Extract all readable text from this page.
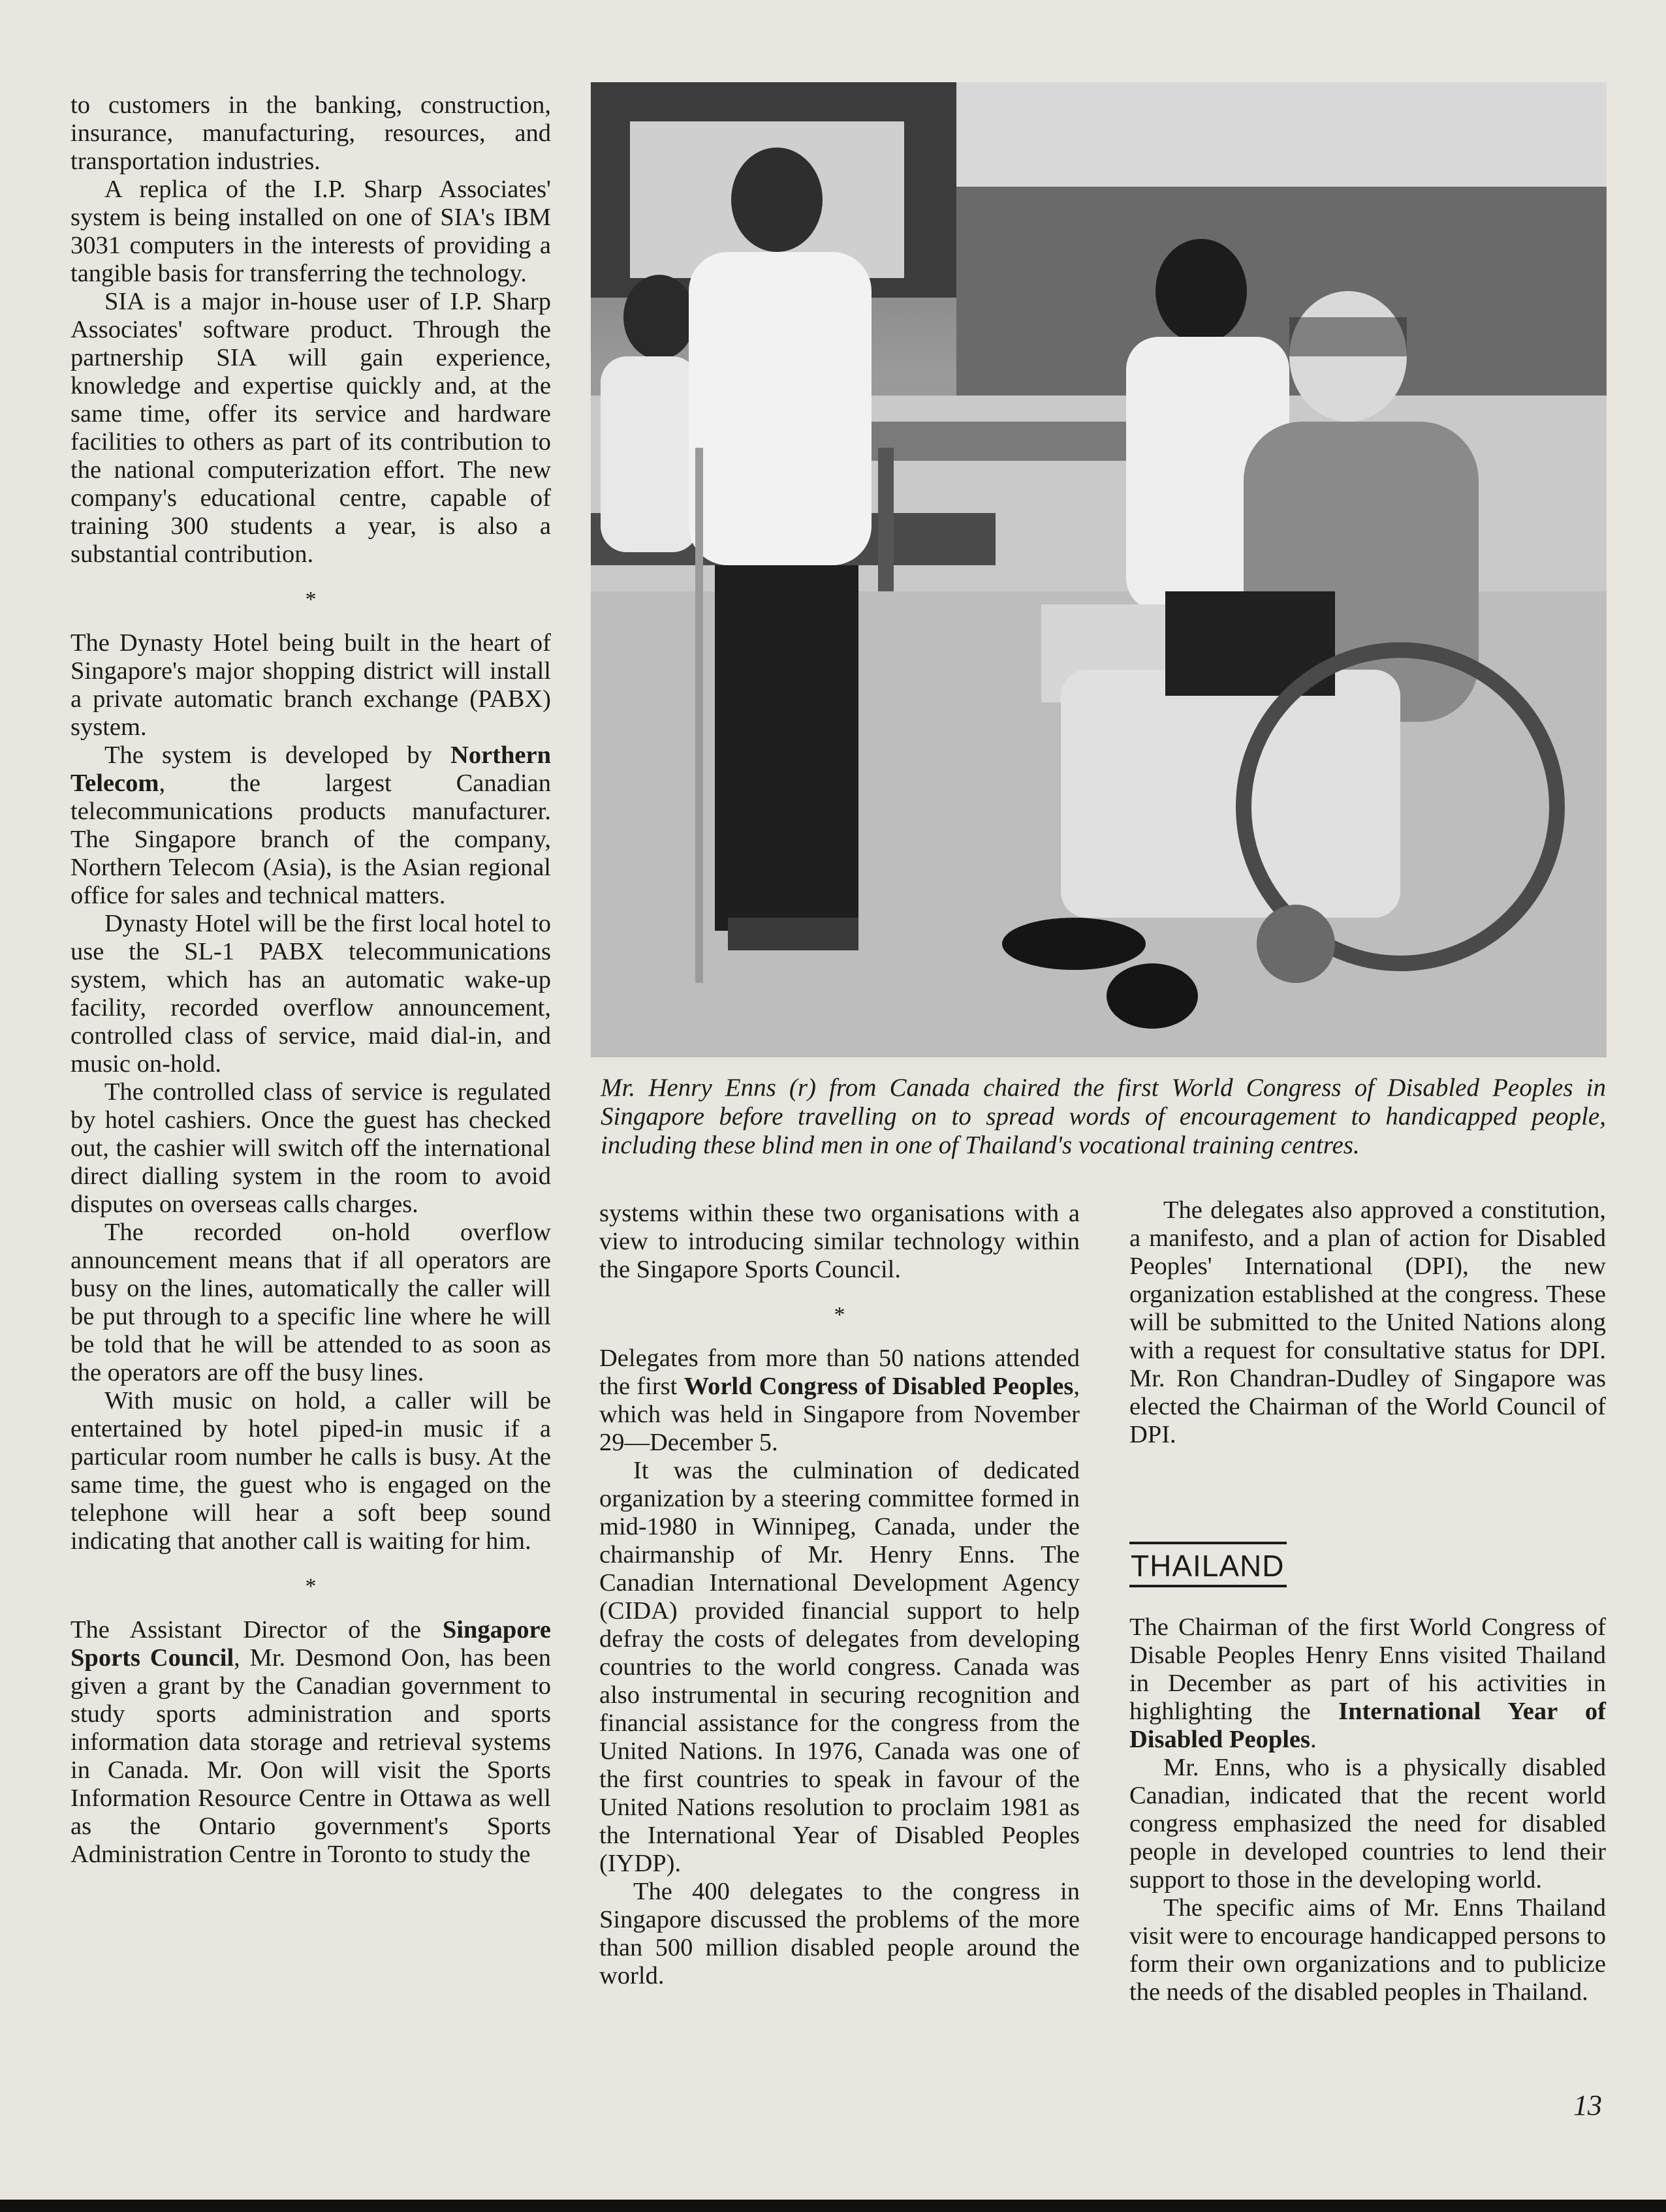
to customers in the banking, construction, insurance, manufacturing, resources, and transportation industries.

A replica of the I.P. Sharp Associates' system is being installed on one of SIA's IBM 3031 computers in the interests of providing a tangible basis for transferring the technology.

SIA is a major in-house user of I.P. Sharp Associates' software product. Through the partnership SIA will gain experience, knowledge and expertise quickly and, at the same time, offer its service and hardware facilities to others as part of its contribution to the national computerization effort. The new company's educational centre, capable of training 300 students a year, is also a substantial contribution.

*

The Dynasty Hotel being built in the heart of Singapore's major shopping district will install a private automatic branch exchange (PABX) system.

The system is developed by Northern Telecom, the largest Canadian telecommunications products manufacturer. The Singapore branch of the company, Northern Telecom (Asia), is the Asian regional office for sales and technical matters.

Dynasty Hotel will be the first local hotel to use the SL-1 PABX telecommunications system, which has an automatic wake-up facility, recorded overflow announcement, controlled class of service, maid dial-in, and music on-hold.

The controlled class of service is regulated by hotel cashiers. Once the guest has checked out, the cashier will switch off the international direct dialling system in the room to avoid disputes on overseas calls charges.

The recorded on-hold overflow announcement means that if all operators are busy on the lines, automatically the caller will be put through to a specific line where he will be told that he will be attended to as soon as the operators are off the busy lines.

With music on hold, a caller will be entertained by hotel piped-in music if a particular room number he calls is busy. At the same time, the guest who is engaged on the telephone will hear a soft beep sound indicating that another call is waiting for him.

*

The Assistant Director of the Singapore Sports Council, Mr. Desmond Oon, has been given a grant by the Canadian government to study sports administration and sports information data storage and retrieval systems in Canada. Mr. Oon will visit the Sports Information Resource Centre in Ottawa as well as the Ontario government's Sports Administration Centre in Toronto to study the

Mr. Henry Enns (r) from Canada chaired the first World Congress of Disabled Peoples in Singapore before travelling on to spread words of encouragement to handicapped people, including these blind men in one of Thailand's vocational training centres.

systems within these two organisations with a view to introducing similar technology within the Singapore Sports Council.

*

Delegates from more than 50 nations attended the first World Congress of Disabled Peoples, which was held in Singapore from November 29—December 5.

It was the culmination of dedicated organization by a steering committee formed in mid-1980 in Winnipeg, Canada, under the chairmanship of Mr. Henry Enns. The Canadian International Development Agency (CIDA) provided financial support to help defray the costs of delegates from developing countries to the world congress. Canada was also instrumental in securing recognition and financial assistance for the congress from the United Nations. In 1976, Canada was one of the first countries to speak in favour of the United Nations resolution to proclaim 1981 as the International Year of Disabled Peoples (IYDP).

The 400 delegates to the congress in Singapore discussed the problems of the more than 500 million disabled people around the world.

The delegates also approved a constitution, a manifesto, and a plan of action for Disabled Peoples' International (DPI), the new organization established at the congress. These will be submitted to the United Nations along with a request for consultative status for DPI. Mr. Ron Chandran-Dudley of Singapore was elected the Chairman of the World Council of DPI.

THAILAND

The Chairman of the first World Congress of Disable Peoples Henry Enns visited Thailand in December as part of his activities in highlighting the International Year of Disabled Peoples.

Mr. Enns, who is a physically disabled Canadian, indicated that the recent world congress emphasized the need for disabled people in developed countries to lend their support to those in the developing world.

The specific aims of Mr. Enns Thailand visit were to encourage handicapped persons to form their own organizations and to publicize the needs of the disabled peoples in Thailand.

13
